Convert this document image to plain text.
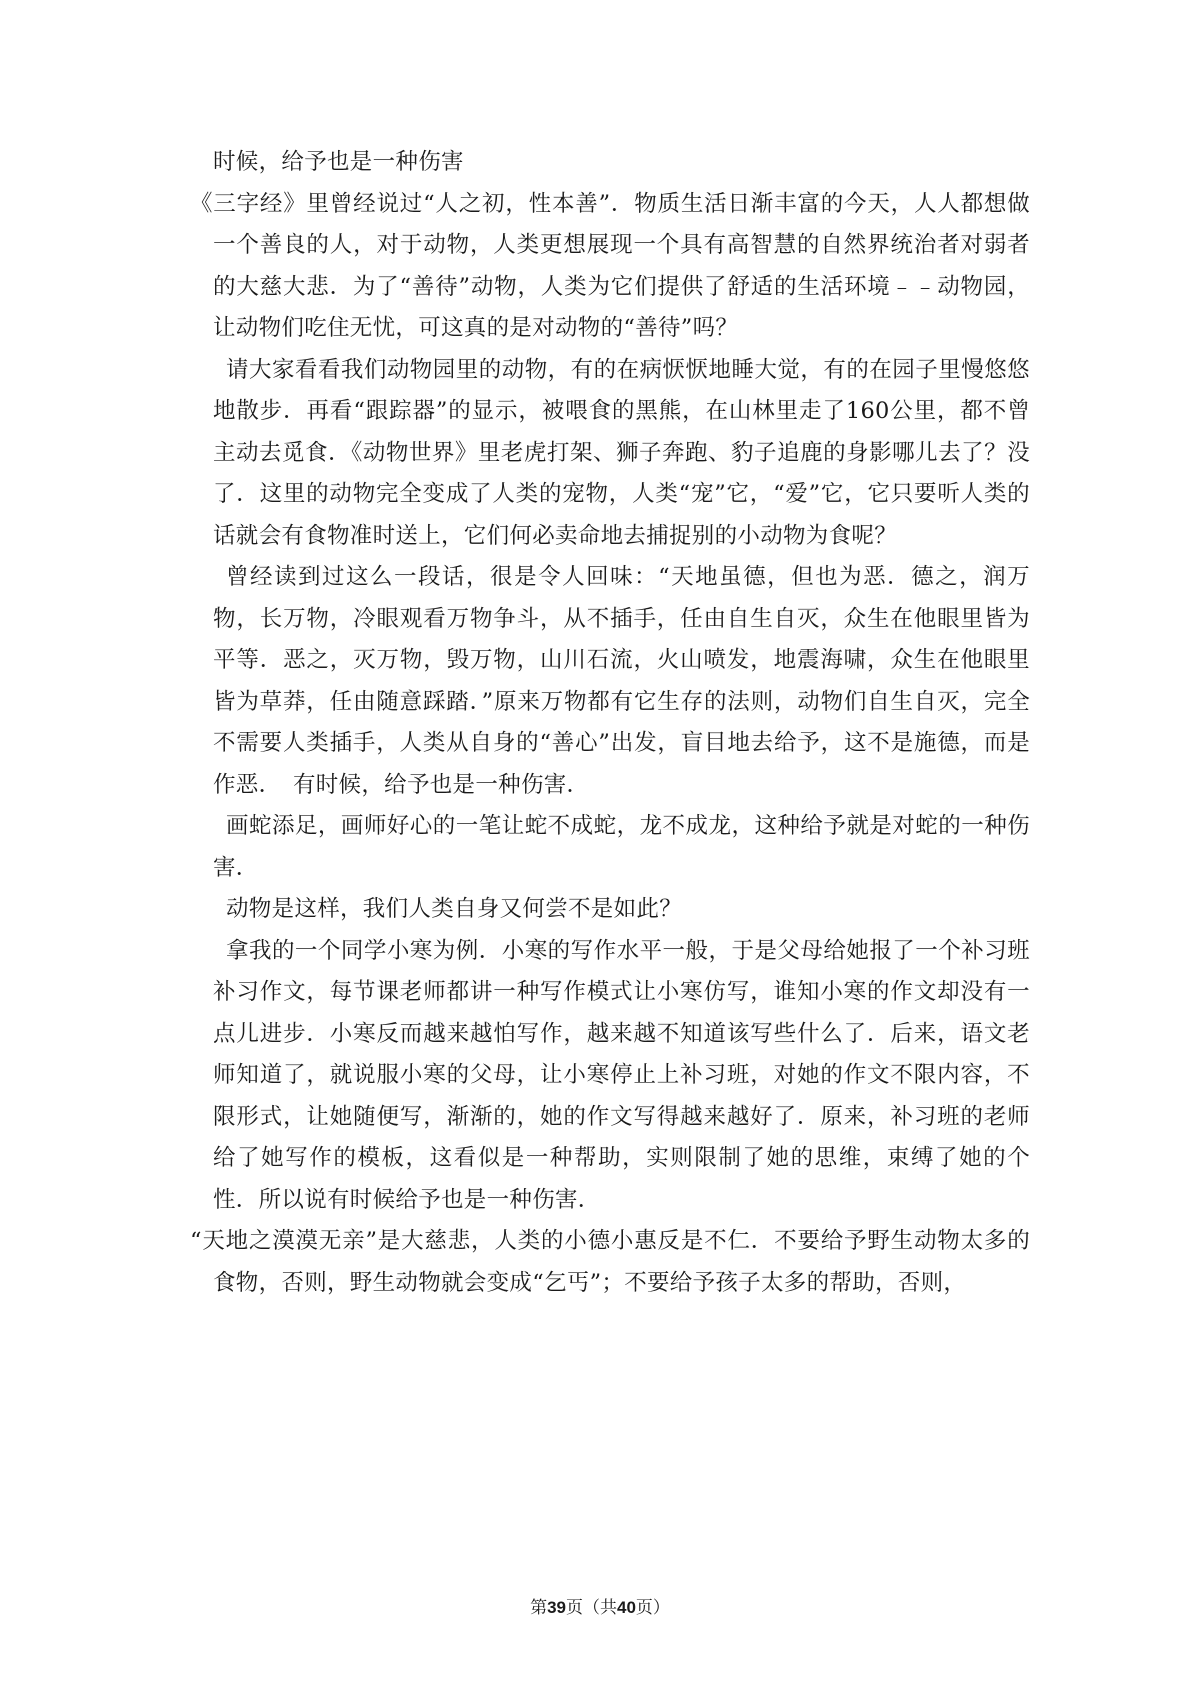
时候，给予也是一种伤害

《三字经》里曾经说过“人之初，性本善”．物质生活日渐丰富的今天，人人都想做一个善良的人，对于动物，人类更想展现一个具有高智慧的自然界统治者对弱者的大慈大悲．为了“善待”动物，人类为它们提供了舒适的生活环境﹣﹣动物园，让动物们吃住无忧，可这真的是对动物的“善待”吗？

请大家看看我们动物园里的动物，有的在病恹恹地睡大觉，有的在园子里慢悠悠地散步．再看“跟踪器”的显示，被喂食的黑熊，在山林里走了160公里，都不曾主动去觅食．《动物世界》里老虎打架、狮子奔跑、豹子追鹿的身影哪儿去了？没了．这里的动物完全变成了人类的宠物，人类“宠”它，“爱”它，它只要听人类的话就会有食物准时送上，它们何必卖命地去捕捉别的小动物为食呢？

曾经读到过这么一段话，很是令人回味：“天地虽德，但也为恶．德之，润万物，长万物，冷眼观看万物争斗，从不插手，任由自生自灭，众生在他眼里皆为平等．恶之，灭万物，毁万物，山川石流，火山喷发，地震海啸，众生在他眼里皆为草莽，任由随意踩踏．”原来万物都有它生存的法则，动物们自生自灭，完全不需要人类插手，人类从自身的“善心”出发，盲目地去给予，这不是施德，而是作恶．　有时候，给予也是一种伤害．

画蛇添足，画师好心的一笔让蛇不成蛇，龙不成龙，这种给予就是对蛇的一种伤害．

动物是这样，我们人类自身又何尝不是如此？

拿我的一个同学小寒为例．小寒的写作水平一般，于是父母给她报了一个补习班补习作文，每节课老师都讲一种写作模式让小寒仿写，谁知小寒的作文却没有一点儿进步．小寒反而越来越怕写作，越来越不知道该写些什么了．后来，语文老师知道了，就说服小寒的父母，让小寒停止上补习班，对她的作文不限内容，不限形式，让她随便写，渐渐的，她的作文写得越来越好了．原来，补习班的老师给了她写作的模板，这看似是一种帮助，实则限制了她的思维，束缚了她的个性．所以说有时候给予也是一种伤害．

“天地之漠漠无亲”是大慈悲，人类的小德小惠反是不仁．不要给予野生动物太多的食物，否则，野生动物就会变成“乞丐”；不要给予孩子太多的帮助，否则，

第39页（共40页）
